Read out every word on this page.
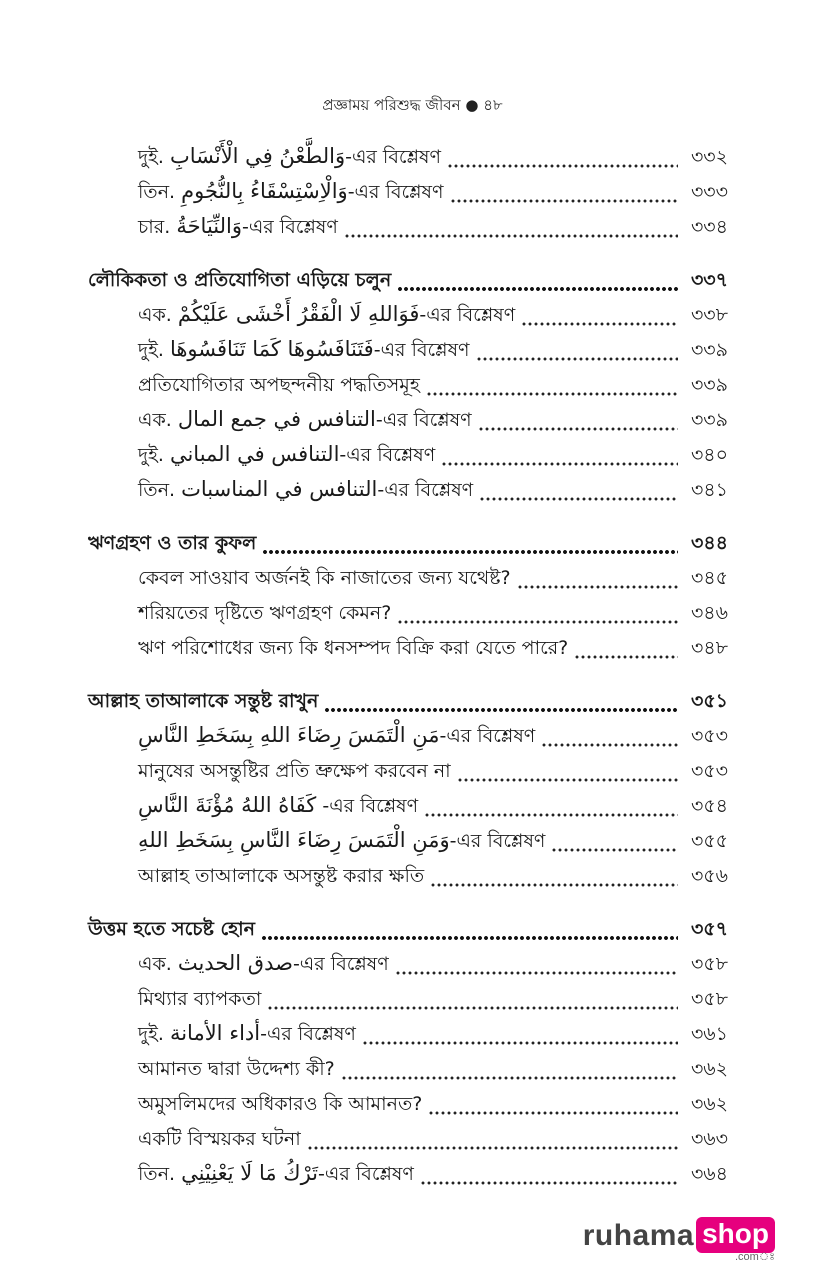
প্রজ্ঞাময় পরিশুদ্ধ জীবন ● ৪৮
দুই. وَالطَّعْنُ فِي الْأَنْسَابِ-এর বিশ্লেষণ	৩৩২
তিন. وَالْاِسْتِسْقَاءُ بِالنُّجُومِ-এর বিশ্লেষণ	৩৩৩
চার. وَالنِّيَاحَةُ-এর বিশ্লেষণ	৩৩৪
লৌকিকতা ও প্রতিযোগিতা এড়িয়ে চলুন	৩৩৭
এক. فَوَاللهِ لَا الْفَقْرُ أَخْشَى عَلَيْكُمْ-এর বিশ্লেষণ	৩৩৮
দুই. فَتَنَافَسُوهَا كَمَا تَنَافَسُوهَا-এর বিশ্লেষণ	৩৩৯
প্রতিযোগিতার অপছন্দনীয় পদ্ধতিসমূহ	৩৩৯
এক. التنافس في جمع المال-এর বিশ্লেষণ	৩৩৯
দুই. التنافس في المباني-এর বিশ্লেষণ	৩৪০
তিন. التنافس في المناسبات-এর বিশ্লেষণ	৩৪১
ঋণগ্রহণ ও তার কুফল	৩৪৪
কেবল সাওয়াব অর্জনই কি নাজাতের জন্য যথেষ্ট?	৩৪৫
শরিয়তের দৃষ্টিতে ঋণগ্রহণ কেমন?	৩৪৬
ঋণ পরিশোধের জন্য কি ধনসম্পদ বিক্রি করা যেতে পারে?	৩৪৮
আল্লাহ তাআলাকে সন্তুষ্ট রাখুন	৩৫১
مَنِ الْتَمَسَ رِضَاءَ اللهِ بِسَخَطِ النَّاسِ-এর বিশ্লেষণ	৩৫৩
মানুষের অসন্তুষ্টির প্রতি ভ্রুক্ষেপ করবেন না	৩৫৩
كَفَاهُ اللهُ مُؤْنَةَ النَّاسِ -এর বিশ্লেষণ	৩৫৪
وَمَنِ الْتَمَسَ رِضَاءَ النَّاسِ بِسَخَطِ اللهِ-এর বিশ্লেষণ	৩৫৫
আল্লাহ তাআলাকে অসন্তুষ্ট করার ক্ষতি	৩৫৬
উত্তম হতে সচেষ্ট হোন	৩৫৭
এক. صدق الحديث-এর বিশ্লেষণ	৩৫৮
মিথ্যার ব্যাপকতা	৩৫৮
দুই. أداء الأمانة-এর বিশ্লেষণ	৩৬১
আমানত দ্বারা উদ্দেশ্য কী?	৩৬২
অমুসলিমদের অধিকারও কি আমানত?	৩৬২
একটি বিস্ময়কর ঘটনা	৩৬৩
তিন. تَرْكُ مَا لَا يَعْنِيْنِي-এর বিশ্লেষণ	৩৬৪
ruhama shop
.comঃ
